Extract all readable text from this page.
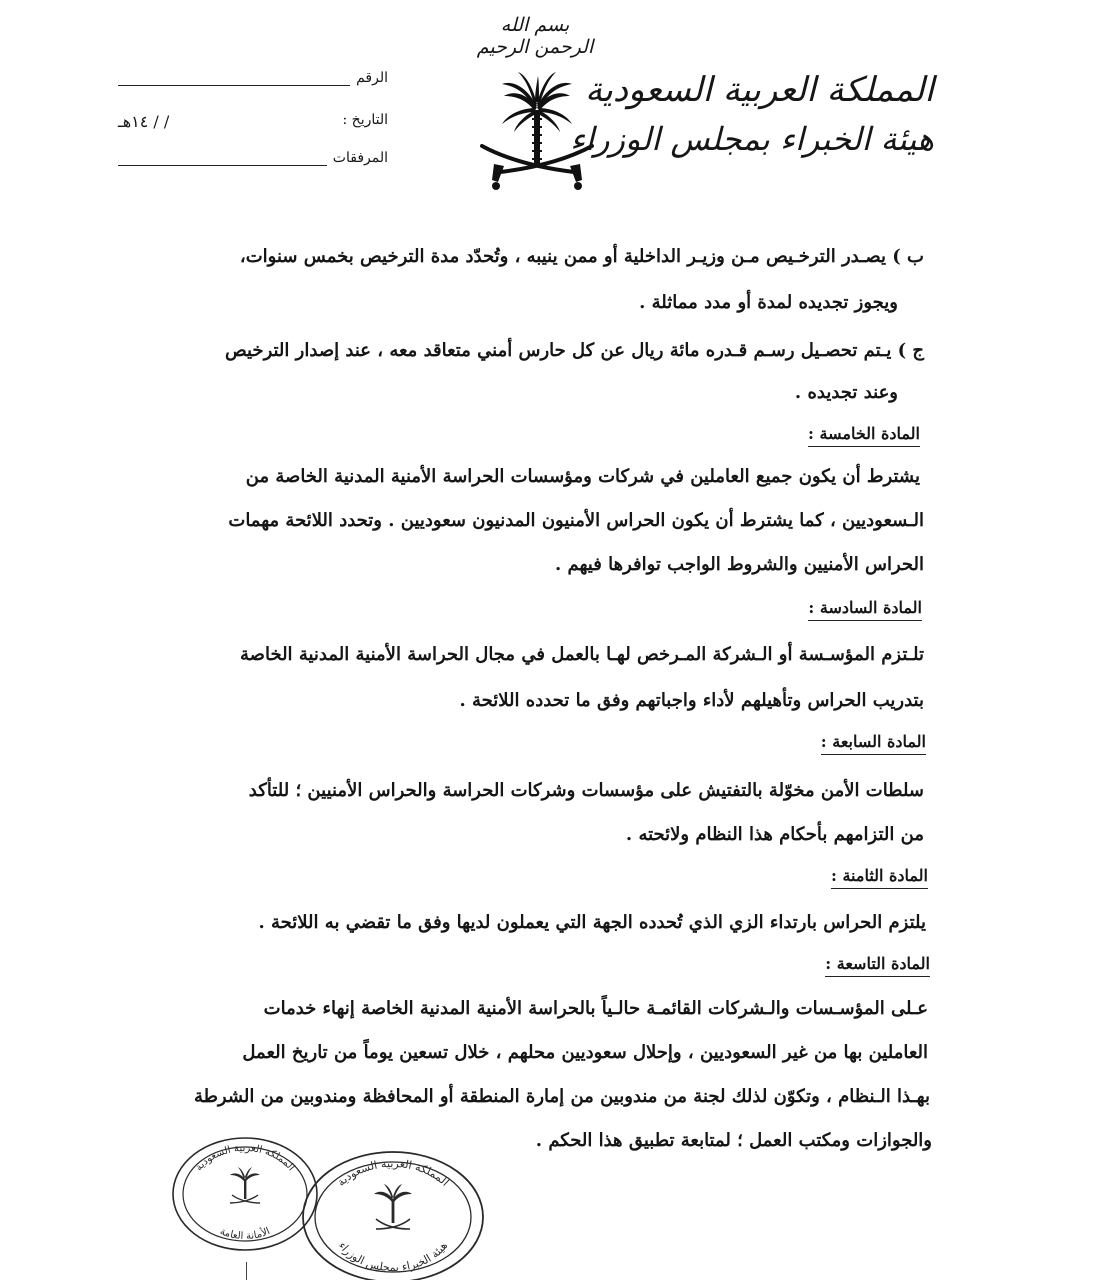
بسم الله الرحمن الرحيم
المملكة العربية السعودية
هيئة الخبراء بمجلس الوزراء
الرقم
التاريخ :
/ / ١٤هـ
المرفقات
ب ) يصـدر الترخـيص مـن وزيـر الداخلية أو ممن ينيبه ، وتُحدّد مدة الترخيص بخمس سنوات،
ويجوز تجديده لمدة أو مدد مماثلة .
ج ) يـتم تحصـيل رسـم قـدره مائة ريال عن كل حارس أمني متعاقد معه ، عند إصدار الترخيص
وعند تجديده .
المادة الخامسة :
يشترط أن يكون جميع العاملين في شركات ومؤسسات الحراسة الأمنية المدنية الخاصة من
الـسعوديين ، كما يشترط أن يكون الحراس الأمنيون المدنيون سعوديين . وتحدد اللائحة مهمات
الحراس الأمنيين والشروط الواجب توافرها فيهم .
المادة السادسة :
تلـتزم المؤسـسة أو الـشركة المـرخص لهـا بالعمل في مجال الحراسة الأمنية المدنية الخاصة
بتدريب الحراس وتأهيلهم لأداء واجباتهم وفق ما تحدده اللائحة .
المادة السابعة :
سلطات الأمن مخوّلة بالتفتيش على مؤسسات وشركات الحراسة والحراس الأمنيين ؛ للتأكد
من التزامهم بأحكام هذا النظام ولائحته .
المادة الثامنة :
يلتزم الحراس بارتداء الزي الذي تُحدده الجهة التي يعملون لديها وفق ما تقضي به اللائحة .
المادة التاسعة :
عـلى المؤسـسات والـشركات القائمـة حالـياً بالحراسة الأمنية المدنية الخاصة إنهاء خدمات
العاملين بها من غير السعوديين ، وإحلال سعوديين محلهم ، خلال تسعين يوماً من تاريخ العمل
بهـذا الـنظام ، وتكوّن لذلك لجنة من مندوبين من إمارة المنطقة أو المحافظة ومندوبين من الشرطة
والجوازات ومكتب العمل ؛ لمتابعة تطبيق هذا الحكم .
المملكة العربية السعودية
الأمانة العامة
المملكة العربية السعودية
هيئة الخبراء بمجلس الوزراء
